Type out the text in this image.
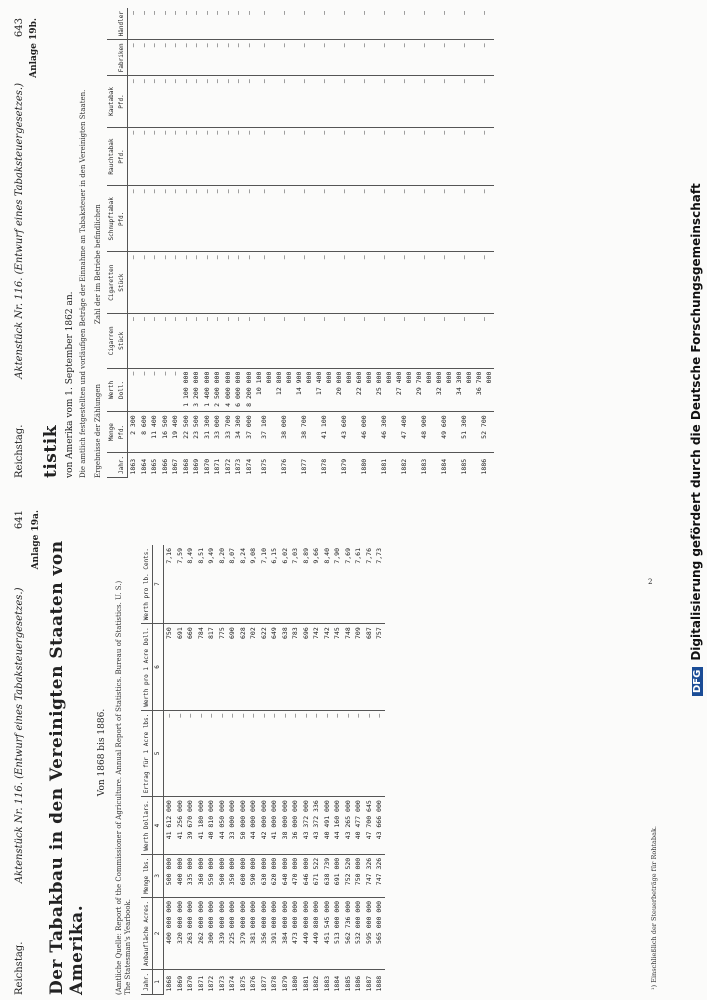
Reichstag.
Aktenstück Nr. 116. (Entwurf eines Tabaksteuergesetzes.)
641 Anlage 19a.
Der Tabakbau in den Vereinigten Staaten von Amerika.
Von 1868 bis 1886. (Amtliche Quelle: Report of the Commissioner of Agriculture. Annual Report of Statistics. Bureau of Statistics. U. S.) The Statesman's Yearbook. Jahr.	Anbaufläche Acres.	Menge lbs.	Werth Dollars.	Ertrag für 1 Acre lbs.	Werth pro 1 Acre Doll.	Werth pro lb. Cents.
1	2	3	4	5	6	7
1868	400 000 000	500 000	41 612 000	—	750	7,16
1869	320 000 000	400 000	41 256 000	—	691	7,59
1870	263 000 000	335 000	39 670 000	—	660	8,49
1871	262 000 000	360 000	41 180 000	—	784	8,51
1872	300 000 000	550 000	40 810 000	—	817	9,49
1873	339 000 000	500 000	44 050 000	—	775	8,20
1874	225 000 000	350 000	33 000 000	—	690	8,07
1875	379 000 000	600 000	50 000 000	—	628	8,24
1876	381 000 000	590 000	44 000 000	—	702	9,08
1877	356 000 000	630 000	42 000 000	—	622	7,10
1878	391 000 000	620 000	41 000 000	—	649	6,15
1879	384 000 000	640 000	38 000 000	—	638	6,02
1880	473 000 000	470 000	36 000 000	—	783	7,03
1881	449 000 000	646 000	43 372 000	—	696	8,89
1882	449 880 000	671 522	43 372 336	—	742	9,66
1883	451 545 000	638 739	40 491 000	—	742	8,40
1884	513 000 000	691 000	44 160 000	—	745	7,90
1885	562 736 000	752 520	43 265 000	—	748	7,69
1886	532 000 000	750 000	40 477 000	—	709	7,61
1887	595 000 000	747 326	47 700 645	—	687	7,76
1888	565 000 000	747 326	43 666 000	—	757	7,73
Reichstag.
Aktenstück Nr. 116. (Entwurf eines Tabaksteuergesetzes.)
643 Anlage 19b.
tistik von Amerika vom 1. September 1862 an. Die amtlich festgestellten und vorläufigen Beträge der Einnahme an Tabaksteuer in den Vereinigten Staaten. Ergebnisse der Zählungen
Zahl der im Betriebe befindlichen
Jahr.	Menge Pfd.	Werth Doll.	Cigarren Stück	Cigaretten Stück	Schnupftabak Pfd.	Rauchtabak Pfd.	Kautabak Pfd.	Fabriken	Händler
1863	2 300	—	—	—	—	—	—	—	—
1864	8 600	—	—	—	—	—	—	—	—
1865	11 400	—	—	—	—	—	—	—	—
1866	16 500	—	—	—	—	—	—	—	—
1867	19 400	—	—	—	—	—	—	—	—
1868	22 500	1 100 000	—	—	—	—	—	—	—
1869	23 500	3 200 000	—	—	—	—	—	—	—
1870	31 300	1 400 000	—	—	—	—	—	—	—
1871	33 000	2 500 000	—	—	—	—	—	—	—
1872	33 700	4 000 000	—	—	—	—	—	—	—
1873	34 300	6 000 000	—	—	—	—	—	—	—
1874	37 000	8 200 000	—	—	—	—	—	—	—
1875	37 100	10 100 000	—	—	—	—	—	—	—
1876	38 000	12 800 000	—	—	—	—	—	—	—
1877	38 700	14 900 000	—	—	—	—	—	—	—
1878	41 100	17 400 000	—	—	—	—	—	—	—
1879	43 600	20 000 000	—	—	—	—	—	—	—
1880	46 000	22 600 000	—	—	—	—	—	—	—
1881	46 300	25 000 000	—	—	—	—	—	—	—
1882	47 400	27 400 000	—	—	—	—	—	—	—
1883	48 900	29 700 000	—	—	—	—	—	—	—
1884	49 600	32 000 000	—	—	—	—	—	—	—
1885	51 300	34 300 000	—	—	—	—	—	—	—
1886	52 700	36 700 000	—	—	—	—	—	—	—
2
¹) Einschließlich der Steuerbeträge für Rohtabak.
DFGDigitalisierung gefördert durch die Deutsche Forschungsgemeinschaft
